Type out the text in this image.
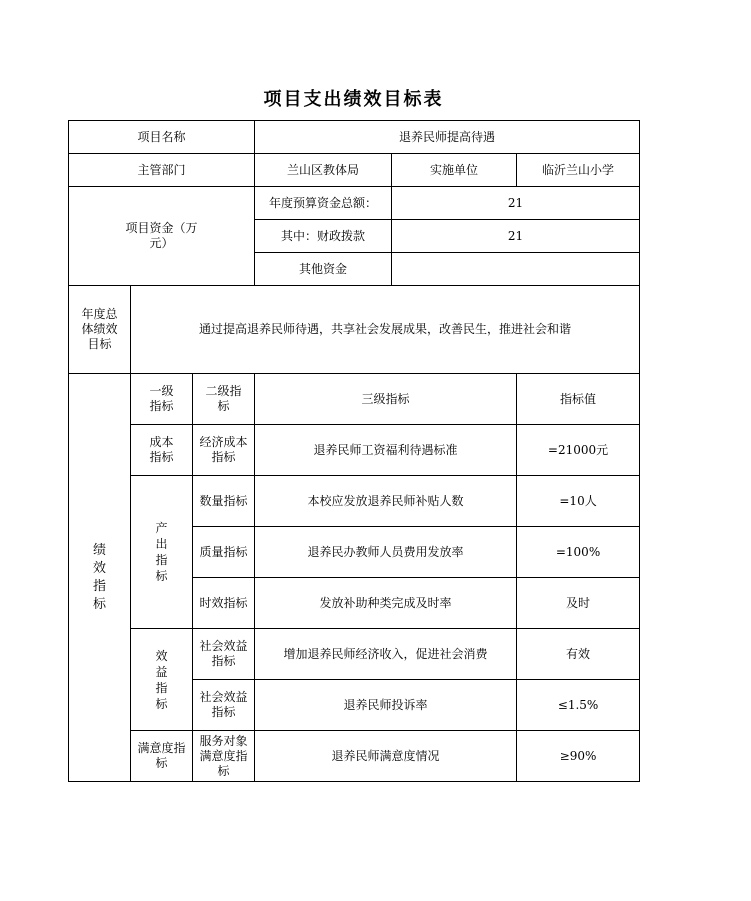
项目支出绩效目标表
项目名称			退养民师提高待遇		
主管部门			兰山区教体局	实施单位	临沂兰山小学
项目资金（万元）			年度预算资金总额：	21	
			其中：财政拨款	21	
			其他资金		
年度总体绩效目标	通过提高退养民师待遇，共享社会发展成果，改善民生，推进社会和谐				
绩效指标	一级指标	二级指标	三级指标		指标值
	成本指标	经济成本指标	退养民师工资福利待遇标准		=21000元
	产出指标	数量指标	本校应发放退养民师补贴人数		=10人
		质量指标	退养民办教师人员费用发放率		=100%
		时效指标	发放补助种类完成及时率		及时
	效益指标	社会效益指标	增加退养民师经济收入，促进社会消费		有效
		社会效益指标	退养民师投诉率		≤1.5%
	满意度指标	服务对象满意度指标	退养民师满意度情况		≥90%
